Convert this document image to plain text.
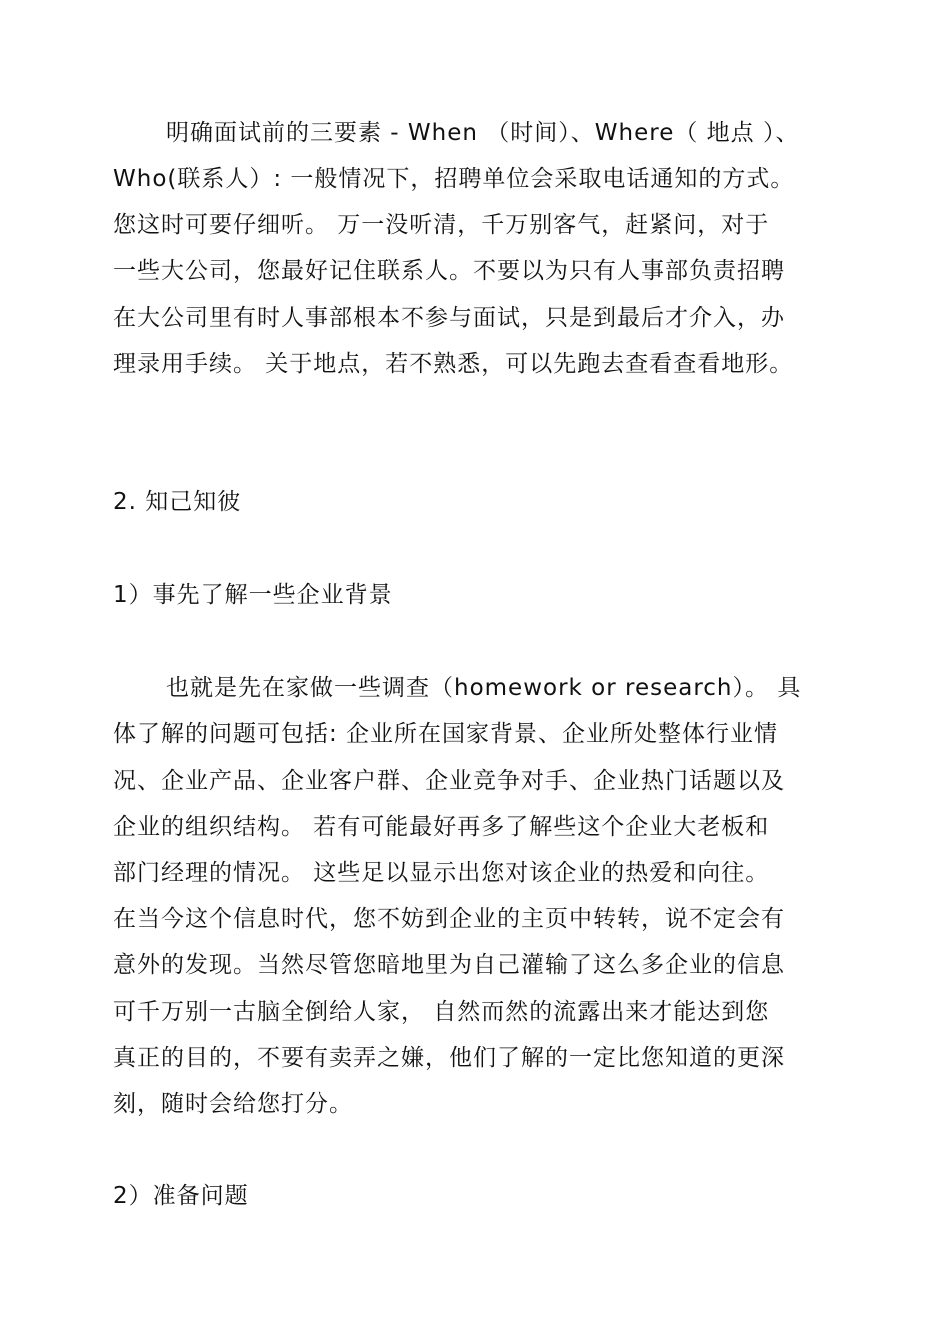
明确面试前的三要素 - When （时间）、Where（ 地点 ）、
Who(联系人）: 一般情况下，招聘单位会采取电话通知的方式。
您这时可要仔细听。 万一没听清，千万别客气，赶紧问，对于
一些大公司，您最好记住联系人。不要以为只有人事部负责招聘
在大公司里有时人事部根本不参与面试，只是到最后才介入，办
理录用手续。 关于地点，若不熟悉，可以先跑去查看查看地形。
2. 知己知彼
1）事先了解一些企业背景
也就是先在家做一些调查（homework or research）。 具
体了解的问题可包括: 企业所在国家背景、企业所处整体行业情
况、企业产品、企业客户群、企业竞争对手、企业热门话题以及
企业的组织结构。 若有可能最好再多了解些这个企业大老板和
部门经理的情况。 这些足以显示出您对该企业的热爱和向往。
在当今这个信息时代，您不妨到企业的主页中转转，说不定会有
意外的发现。当然尽管您暗地里为自己灌输了这么多企业的信息
可千万别一古脑全倒给人家， 自然而然的流露出来才能达到您
真正的目的，不要有卖弄之嫌，他们了解的一定比您知道的更深
刻，随时会给您打分。
2）准备问题
